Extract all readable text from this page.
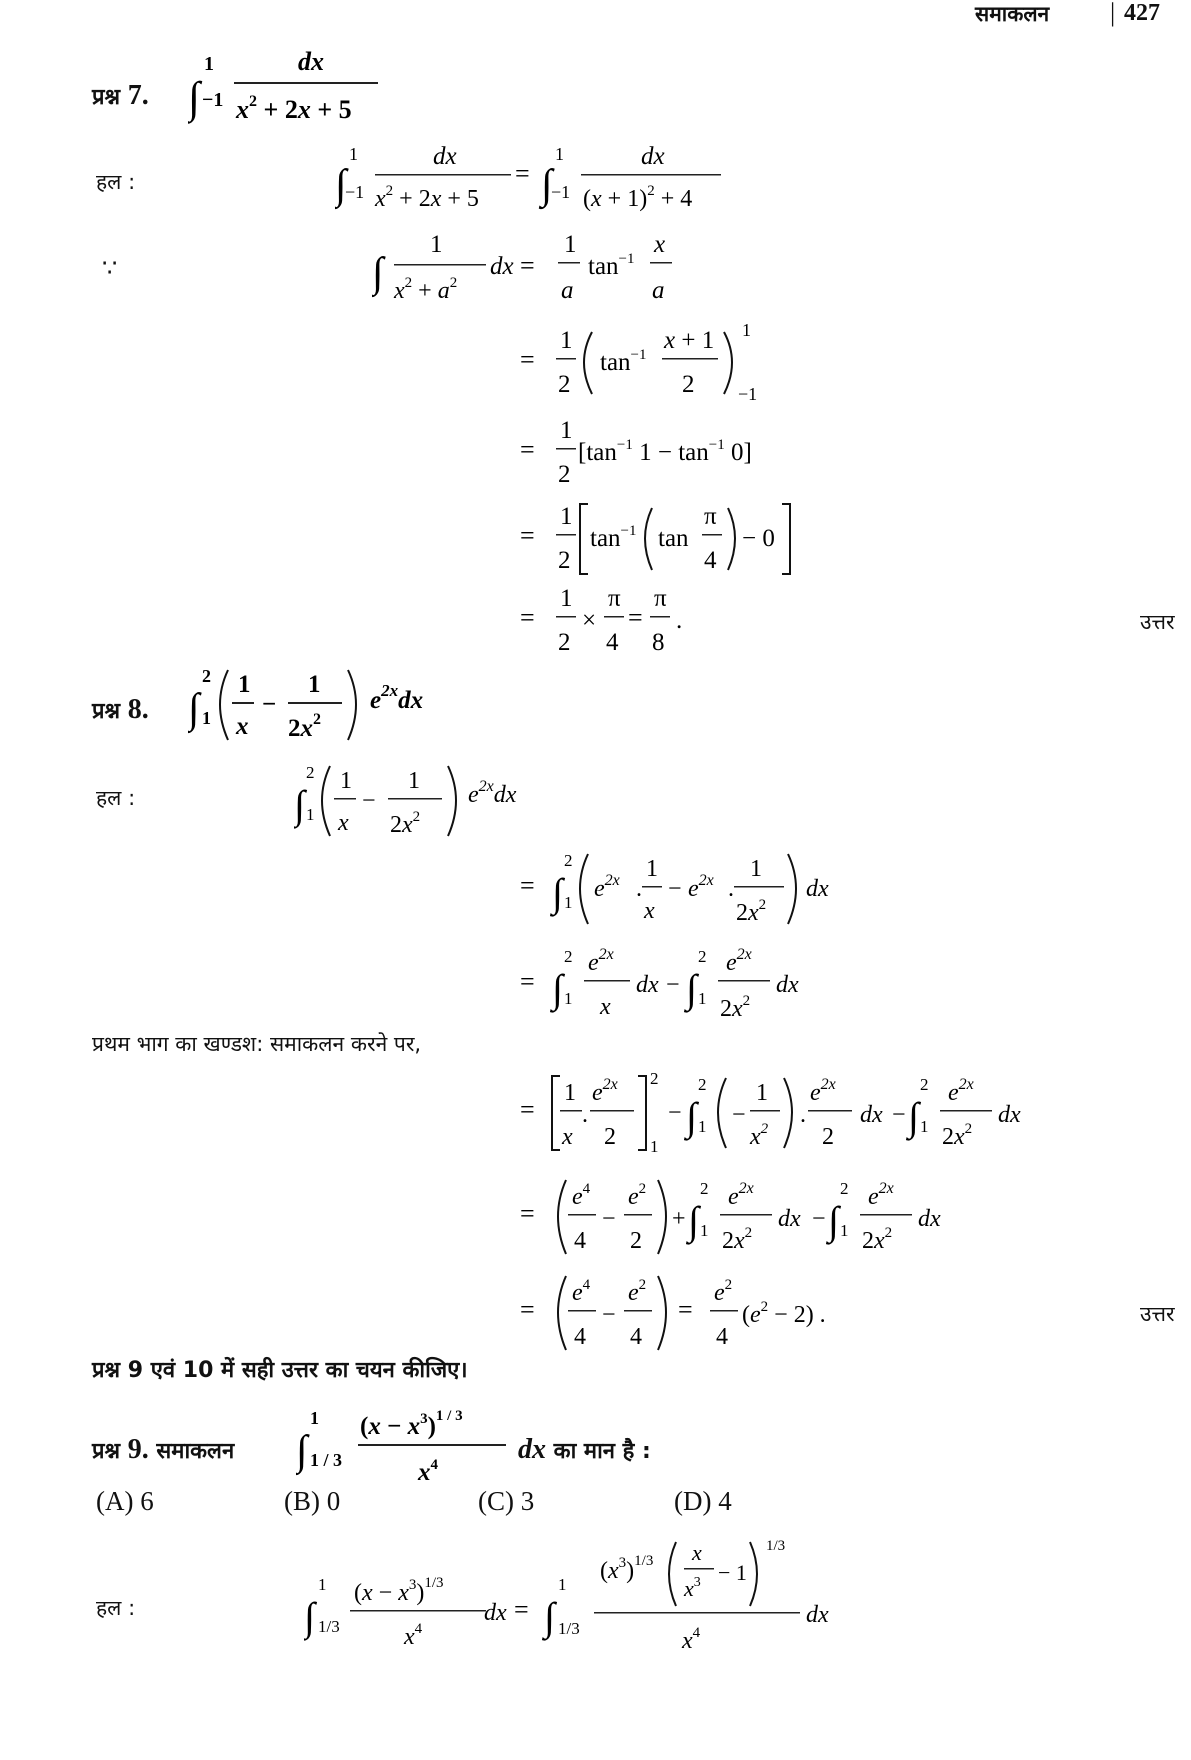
समाकलन | 427
प्रश्न 7. ∫
1
−1
dx
$x^2 + 2x + 5$
हल :	∫
1
−1
dx
$x^2 + 2x + 5$
= ∫
1
−1
dx
$(x + 1)^2 + 4$
∵	∫
1
$x^2 + a^2$
dx =
1
a
$\tan^{-1}$
x
a
=
1
2
$\tan^{-1}$
x + 1
2
1
−1
=
1
2
[$\tan^{-1}$ $1 - \tan^{-1} 0$]
=
1
2
$\tan^{-1} \tan$
π
4
− 0
=
1
2
×
π
4
=
π
8
.	उत्तर
प्रश्न 8. ∫
2
1
1
x
−
1
$2x^2$
$e^{2x}dx$
हल :	∫
2
1
1
x
−
1
$2x^2$
$e^{2x}dx$
= ∫
2
1
$e^{2x}$ .
1
x
− $e^{2x}$ .
1
$2x^2$
dx
= ∫
2
1
$e^{2x}$
x
dx − ∫
2
1
$e^{2x}$
$2x^2$
dx
प्रथम भाग का खण्डश: समाकलन करने पर,
=
1
x
.
$e^{2x}$
2
2
1
− ∫
2
1 −
1
$x^2$
.
$e^{2x}$
2
dx − ∫
2
1
$e^{2x}$
$2x^2$
dx
=
$e^4$
4
−
$e^2$
2
+ ∫
2
1
$e^{2x}$
$2x^2$
dx − ∫
2
1
$e^{2x}$
$2x^2$
dx
=
$e^4$
4
−
$e^2$
4
=
$e^2$
4
$(e^2 - 2)$ .	उत्तर
प्रश्न 9 एवं 10 में सही उत्तर का चयन कीजिए।
प्रश्न 9. समाकलन ∫
1
1 / 3
$(x - x^3)^{1 / 3}$
$x^4$	dx का मान है :
(A) 6	(B) 0	(C) 3	(D) 4
हल :	∫
1
1/3
$(x - x^3)^{1/3}$
$x^4$
dx = ∫
1
1/3
$(x^3)^{1/3}$ x
$x^3 - 1$
1/3
$x^4$
dx
